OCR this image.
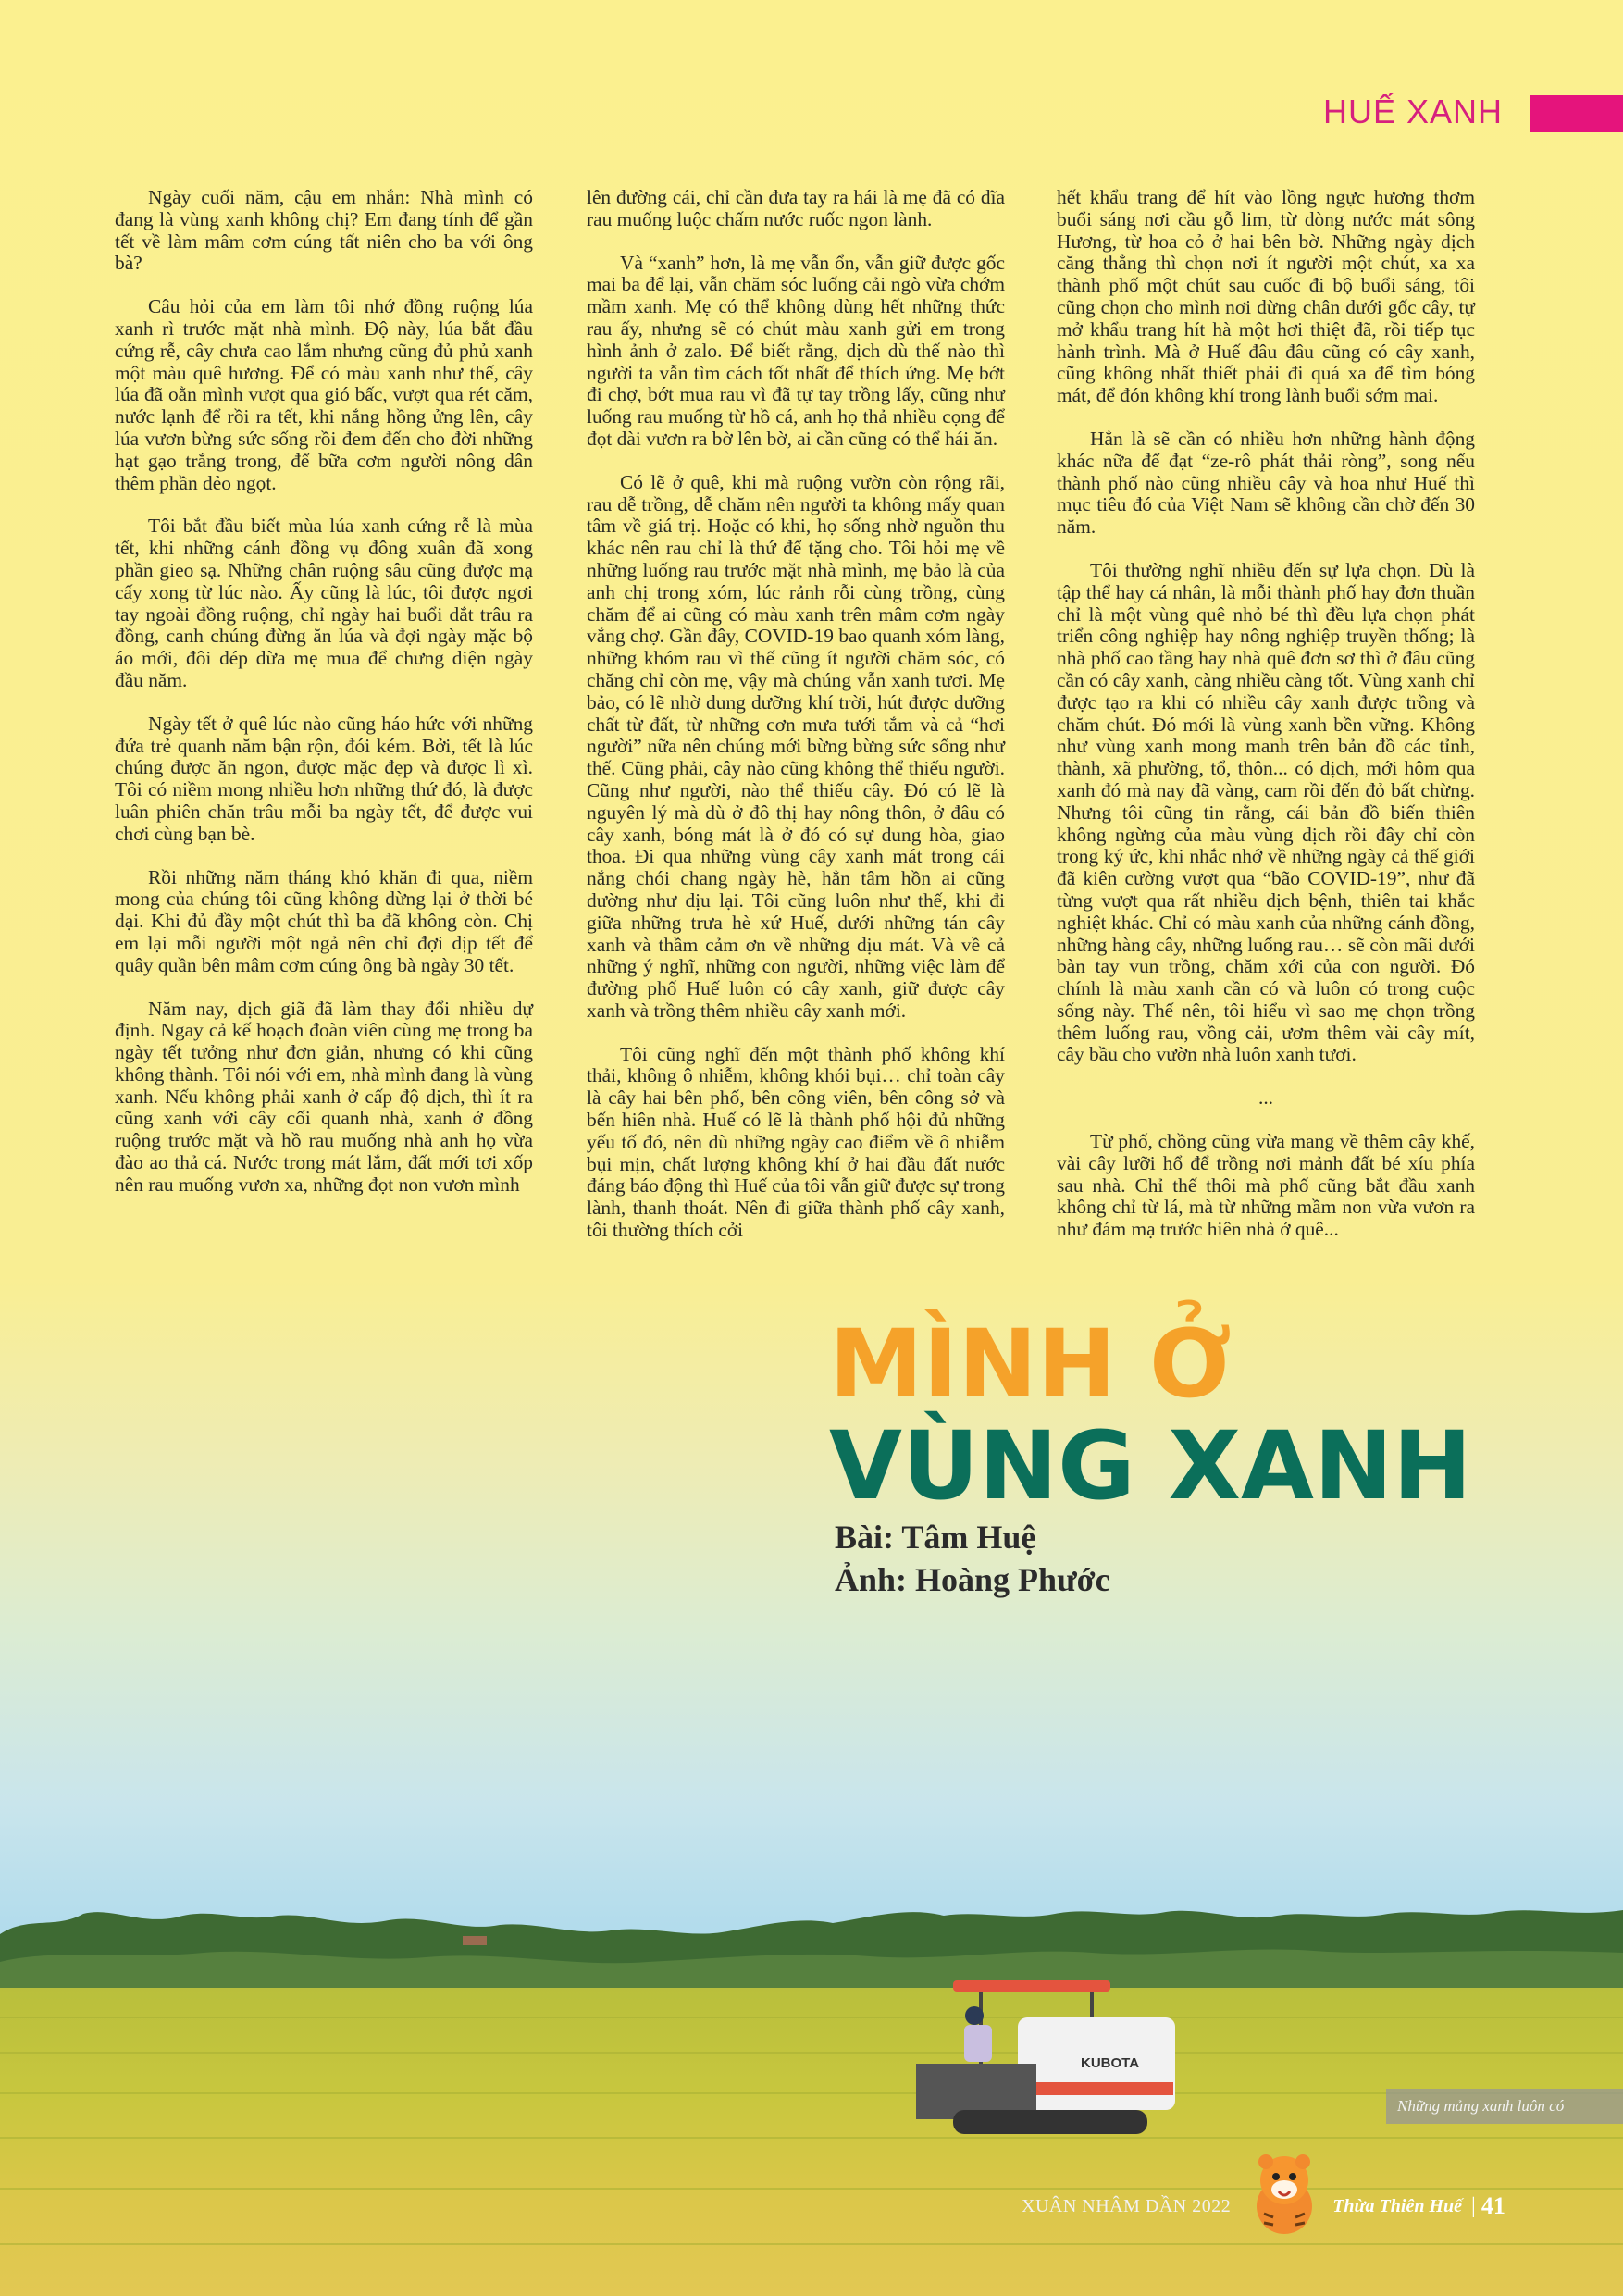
HUẾ XANH

Ngày cuối năm, cậu em nhắn: Nhà mình có đang là vùng xanh không chị? Em đang tính để gần tết về làm mâm cơm cúng tất niên cho ba với ông bà?

Câu hỏi của em làm tôi nhớ đồng ruộng lúa xanh rì trước mặt nhà mình. Độ này, lúa bắt đầu cứng rễ, cây chưa cao lắm nhưng cũng đủ phủ xanh một màu quê hương. Để có màu xanh như thế, cây lúa đã oằn mình vượt qua gió bấc, vượt qua rét căm, nước lạnh để rồi ra tết, khi nắng hồng ửng lên, cây lúa vươn bừng sức sống rồi đem đến cho đời những hạt gạo trắng trong, để bữa cơm người nông dân thêm phần dẻo ngọt.

Tôi bắt đầu biết mùa lúa xanh cứng rễ là mùa tết, khi những cánh đồng vụ đông xuân đã xong phần gieo sạ. Những chân ruộng sâu cũng được mạ cấy xong từ lúc nào. Ấy cũng là lúc, tôi được ngơi tay ngoài đồng ruộng, chỉ ngày hai buổi dắt trâu ra đồng, canh chúng đừng ăn lúa và đợi ngày mặc bộ áo mới, đôi dép dừa mẹ mua để chưng diện ngày đầu năm.

Ngày tết ở quê lúc nào cũng háo hức với những đứa trẻ quanh năm bận rộn, đói kém. Bởi, tết là lúc chúng được ăn ngon, được mặc đẹp và được lì xì. Tôi có niềm mong nhiều hơn những thứ đó, là được luân phiên chăn trâu mỗi ba ngày tết, để được vui chơi cùng bạn bè.

Rồi những năm tháng khó khăn đi qua, niềm mong của chúng tôi cũng không dừng lại ở thời bé dại. Khi đủ đầy một chút thì ba đã không còn. Chị em lại mỗi người một ngả nên chỉ đợi dịp tết để quây quần bên mâm cơm cúng ông bà ngày 30 tết.

Năm nay, dịch giã đã làm thay đổi nhiều dự định. Ngay cả kế hoạch đoàn viên cùng mẹ trong ba ngày tết tưởng như đơn giản, nhưng có khi cũng không thành. Tôi nói với em, nhà mình đang là vùng xanh. Nếu không phải xanh ở cấp độ dịch, thì ít ra cũng xanh với cây cối quanh nhà, xanh ở đồng ruộng trước mặt và hồ rau muống nhà anh họ vừa đào ao thả cá. Nước trong mát lắm, đất mới tơi xốp nên rau muống vươn xa, những đọt non vươn mình

lên đường cái, chỉ cần đưa tay ra hái là mẹ đã có dĩa rau muống luộc chấm nước ruốc ngon lành.

Và “xanh” hơn, là mẹ vẫn ổn, vẫn giữ được gốc mai ba để lại, vẫn chăm sóc luống cải ngò vừa chớm mầm xanh. Mẹ có thể không dùng hết những thức rau ấy, nhưng sẽ có chút màu xanh gửi em trong hình ảnh ở zalo. Để biết rằng, dịch dù thế nào thì người ta vẫn tìm cách tốt nhất để thích ứng. Mẹ bớt đi chợ, bớt mua rau vì đã tự tay trồng lấy, cũng như luống rau muống từ hồ cá, anh họ thả nhiều cọng để đọt dài vươn ra bờ lên bờ, ai cần cũng có thể hái ăn.

Có lẽ ở quê, khi mà ruộng vườn còn rộng rãi, rau dễ trồng, dễ chăm nên người ta không mấy quan tâm về giá trị. Hoặc có khi, họ sống nhờ nguồn thu khác nên rau chỉ là thứ để tặng cho. Tôi hỏi mẹ về những luống rau trước mặt nhà mình, mẹ bảo là của anh chị trong xóm, lúc rảnh rỗi cùng trồng, cùng chăm để ai cũng có màu xanh trên mâm cơm ngày vắng chợ. Gần đây, COVID-19 bao quanh xóm làng, những khóm rau vì thế cũng ít người chăm sóc, có chăng chỉ còn mẹ, vậy mà chúng vẫn xanh tươi. Mẹ bảo, có lẽ nhờ dung dưỡng khí trời, hút được dưỡng chất từ đất, từ những cơn mưa tưới tắm và cả “hơi người” nữa nên chúng mới bừng bừng sức sống như thế. Cũng phải, cây nào cũng không thể thiếu người. Cũng như người, nào thể thiếu cây. Đó có lẽ là nguyên lý mà dù ở đô thị hay nông thôn, ở đâu có cây xanh, bóng mát là ở đó có sự dung hòa, giao thoa. Đi qua những vùng cây xanh mát trong cái nắng chói chang ngày hè, hẳn tâm hồn ai cũng dường như dịu lại. Tôi cũng luôn như thế, khi đi giữa những trưa hè xứ Huế, dưới những tán cây xanh và thầm cảm ơn về những dịu mát. Và về cả những ý nghĩ, những con người, những việc làm để đường phố Huế luôn có cây xanh, giữ được cây xanh và trồng thêm nhiều cây xanh mới.

Tôi cũng nghĩ đến một thành phố không khí thải, không ô nhiễm, không khói bụi… chỉ toàn cây là cây hai bên phố, bên công viên, bên công sở và bến hiên nhà. Huế có lẽ là thành phố hội đủ những yếu tố đó, nên dù những ngày cao điểm về ô nhiễm bụi mịn, chất lượng không khí ở hai đầu đất nước đáng báo động thì Huế của tôi vẫn giữ được sự trong lành, thanh thoát. Nên đi giữa thành phố cây xanh, tôi thường thích cởi

hết khẩu trang để hít vào lồng ngực hương thơm buổi sáng nơi cầu gỗ lim, từ dòng nước mát sông Hương, từ hoa cỏ ở hai bên bờ. Những ngày dịch căng thẳng thì chọn nơi ít người một chút, xa xa thành phố một chút sau cuốc đi bộ buổi sáng, tôi cũng chọn cho mình nơi dừng chân dưới gốc cây, tự mở khẩu trang hít hà một hơi thiệt đã, rồi tiếp tục hành trình. Mà ở Huế đâu đâu cũng có cây xanh, cũng không nhất thiết phải đi quá xa để tìm bóng mát, để đón không khí trong lành buổi sớm mai.

Hẳn là sẽ cần có nhiều hơn những hành động khác nữa để đạt “ze-rô phát thải ròng”, song nếu thành phố nào cũng nhiều cây và hoa như Huế thì mục tiêu đó của Việt Nam sẽ không cần chờ đến 30 năm.

Tôi thường nghĩ nhiều đến sự lựa chọn. Dù là tập thể hay cá nhân, là mỗi thành phố hay đơn thuần chỉ là một vùng quê nhỏ bé thì đều lựa chọn phát triển công nghiệp hay nông nghiệp truyền thống; là nhà phố cao tầng hay nhà quê đơn sơ thì ở đâu cũng cần có cây xanh, càng nhiều càng tốt. Vùng xanh chỉ được tạo ra khi có nhiều cây xanh được trồng và chăm chút. Đó mới là vùng xanh bền vững. Không như vùng xanh mong manh trên bản đồ các tỉnh, thành, xã phường, tổ, thôn... có dịch, mới hôm qua xanh đó mà nay đã vàng, cam rồi đến đỏ bất chừng. Nhưng tôi cũng tin rằng, cái bản đồ biến thiên không ngừng của màu vùng dịch rồi đây chỉ còn trong ký ức, khi nhắc nhớ về những ngày cả thế giới đã kiên cường vượt qua “bão COVID-19”, như đã từng vượt qua rất nhiều dịch bệnh, thiên tai khắc nghiệt khác. Chỉ có màu xanh của những cánh đồng, những hàng cây, những luống rau… sẽ còn mãi dưới bàn tay vun trồng, chăm xới của con người. Đó chính là màu xanh cần có và luôn có trong cuộc sống này. Thế nên, tôi hiểu vì sao mẹ chọn trồng thêm luống rau, vồng cải, ươm thêm vài cây mít, cây bầu cho vườn nhà luôn xanh tươi.

...

Từ phố, chồng cũng vừa mang về thêm cây khế, vài cây lưỡi hổ để trồng nơi mảnh đất bé xíu phía sau nhà. Chỉ thế thôi mà phố cũng bắt đầu xanh không chỉ từ lá, mà từ những mầm non vừa vươn ra như đám mạ trước hiên nhà ở quê...

MÌNH Ở
VÙNG XANH
Bài: Tâm Huệ
Ảnh: Hoàng Phước
KUBOTA
Những mảng xanh luôn có
XUÂN NHÂM DẦN 2022	Thừa Thiên Huế | 41
